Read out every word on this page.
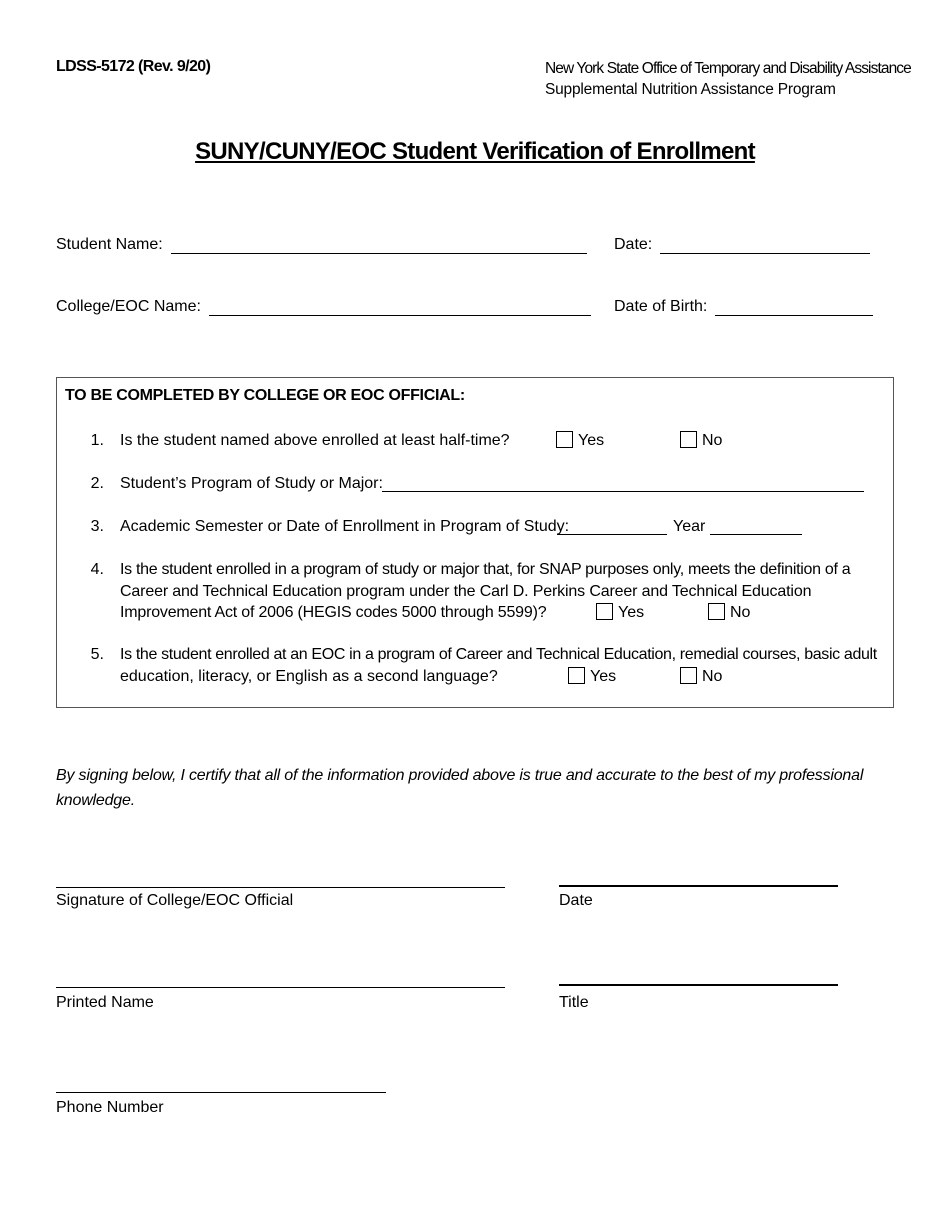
LDSS-5172 (Rev. 9/20)	New York State Office of Temporary and Disability Assistance
Supplemental Nutrition Assistance Program
SUNY/CUNY/EOC Student Verification of Enrollment
Student Name:	Date:
College/EOC Name:	Date of Birth:
TO BE COMPLETED BY COLLEGE OR EOC OFFICIAL:
1. Is the student named above enrolled at least half-time?	Yes	No
2. Student’s Program of Study or Major:
3. Academic Semester or Date of Enrollment in Program of Study:	Year
4. Is the student enrolled in a program of study or major that, for SNAP purposes only, meets the definition of a
Career and Technical Education program under the Carl D. Perkins Career and Technical Education
Improvement Act of 2006 (HEGIS codes 5000 through 5599)?	Yes	No
5. Is the student enrolled at an EOC in a program of Career and Technical Education, remedial courses, basic adult
education, literacy, or English as a second language?	Yes	No
By signing below, I certify that all of the information provided above is true and accurate to the best of my professional knowledge.
Signature of College/EOC Official	Date
Printed Name	Title
Phone Number
